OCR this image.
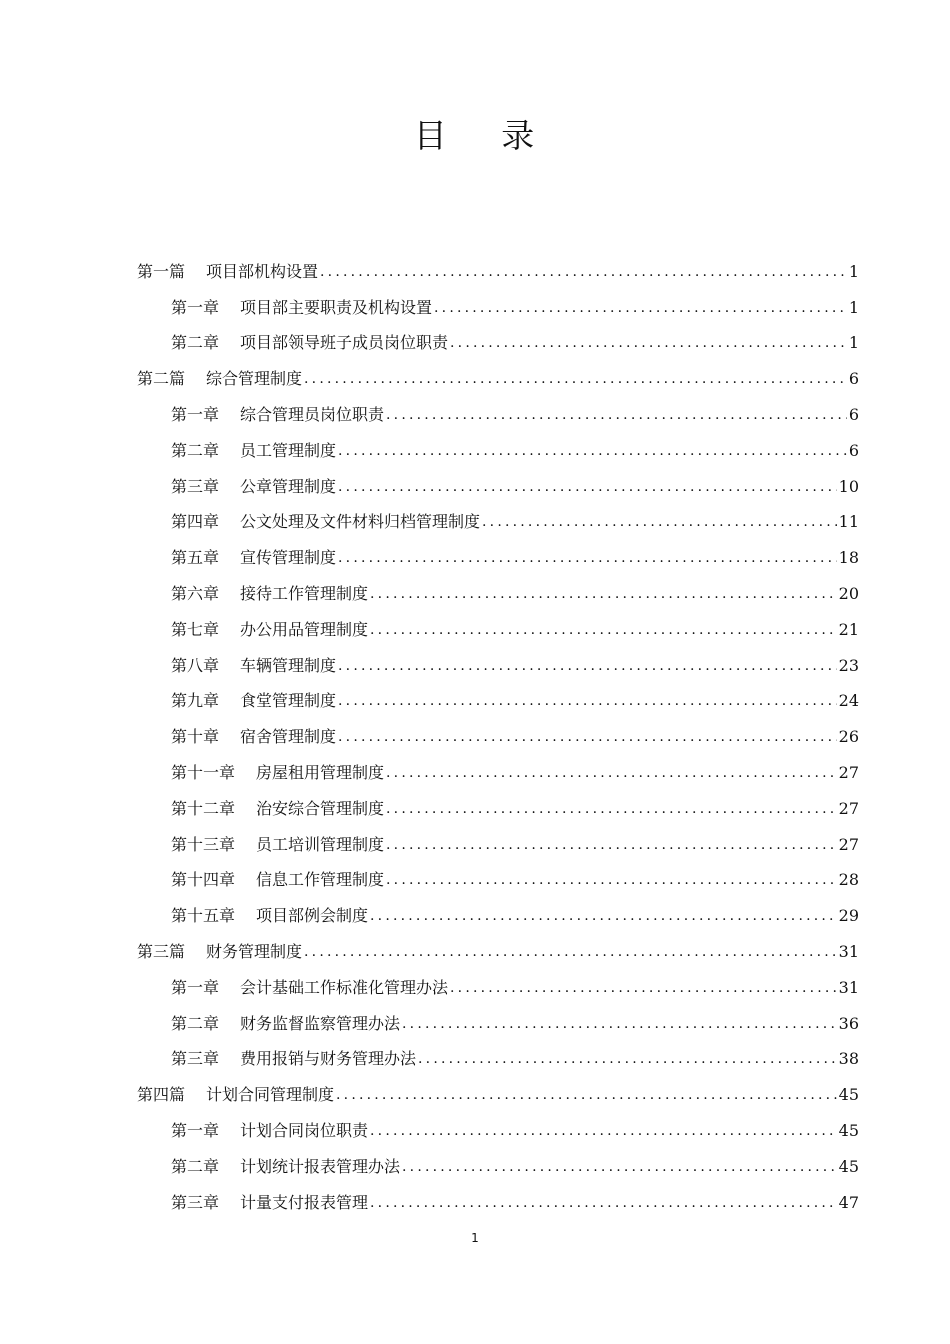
目 录
第一篇 项目部机构设置 .....	1
第一章 项目部主要职责及机构设置 .....	1
第二章 项目部领导班子成员岗位职责 .....	1
第二篇 综合管理制度 .....	6
第一章 综合管理员岗位职责 .....	6
第二章 员工管理制度 .....	6
第三章 公章管理制度 .....	10
第四章 公文处理及文件材料归档管理制度 .....	11
第五章 宣传管理制度 .....	18
第六章 接待工作管理制度 .....	20
第七章 办公用品管理制度 .....	21
第八章 车辆管理制度 .....	23
第九章 食堂管理制度 .....	24
第十章 宿舍管理制度 .....	26
第十一章 房屋租用管理制度 .....	27
第十二章 治安综合管理制度 .....	27
第十三章 员工培训管理制度 .....	27
第十四章 信息工作管理制度 .....	28
第十五章 项目部例会制度 .....	29
第三篇 财务管理制度 .....	31
第一章 会计基础工作标准化管理办法 .....	31
第二章 财务监督监察管理办法 .....	36
第三章 费用报销与财务管理办法 .....	38
第四篇 计划合同管理制度 .....	45
第一章 计划合同岗位职责 .....	45
第二章 计划统计报表管理办法 .....	45
第三章 计量支付报表管理 .....	47
1
